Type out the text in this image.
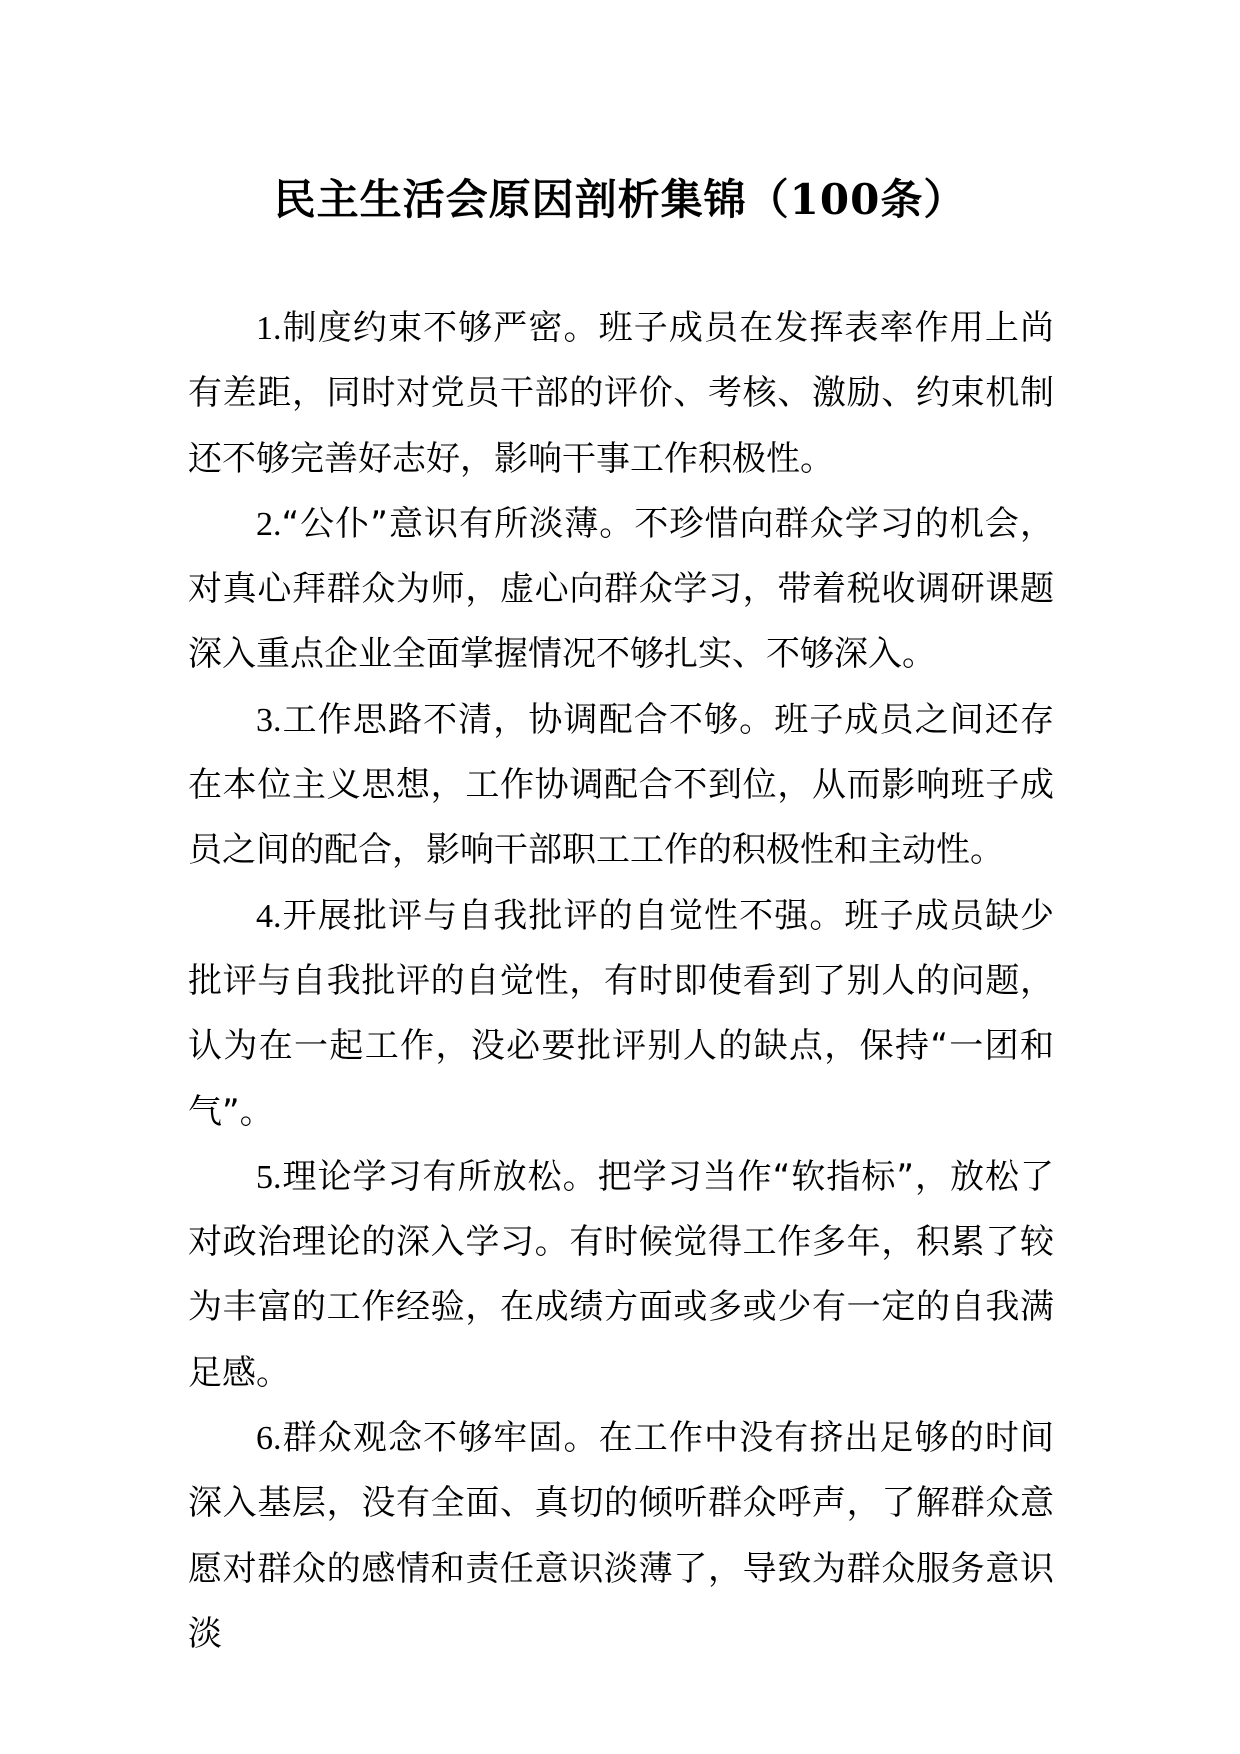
民主生活会原因剖析集锦（100条）

1.制度约束不够严密。班子成员在发挥表率作用上尚有差距，同时对党员干部的评价、考核、激励、约束机制还不够完善好志好，影响干事工作积极性。

2.“公仆”意识有所淡薄。不珍惜向群众学习的机会，对真心拜群众为师，虚心向群众学习，带着税收调研课题深入重点企业全面掌握情况不够扎实、不够深入。

3.工作思路不清，协调配合不够。班子成员之间还存在本位主义思想，工作协调配合不到位，从而影响班子成员之间的配合，影响干部职工工作的积极性和主动性。

4.开展批评与自我批评的自觉性不强。班子成员缺少批评与自我批评的自觉性，有时即使看到了别人的问题，认为在一起工作，没必要批评别人的缺点，保持“一团和气”。

5.理论学习有所放松。把学习当作“软指标”，放松了对政治理论的深入学习。有时候觉得工作多年，积累了较为丰富的工作经验，在成绩方面或多或少有一定的自我满足感。

6.群众观念不够牢固。在工作中没有挤出足够的时间深入基层，没有全面、真切的倾听群众呼声，了解群众意愿对群众的感情和责任意识淡薄了，导致为群众服务意识淡
